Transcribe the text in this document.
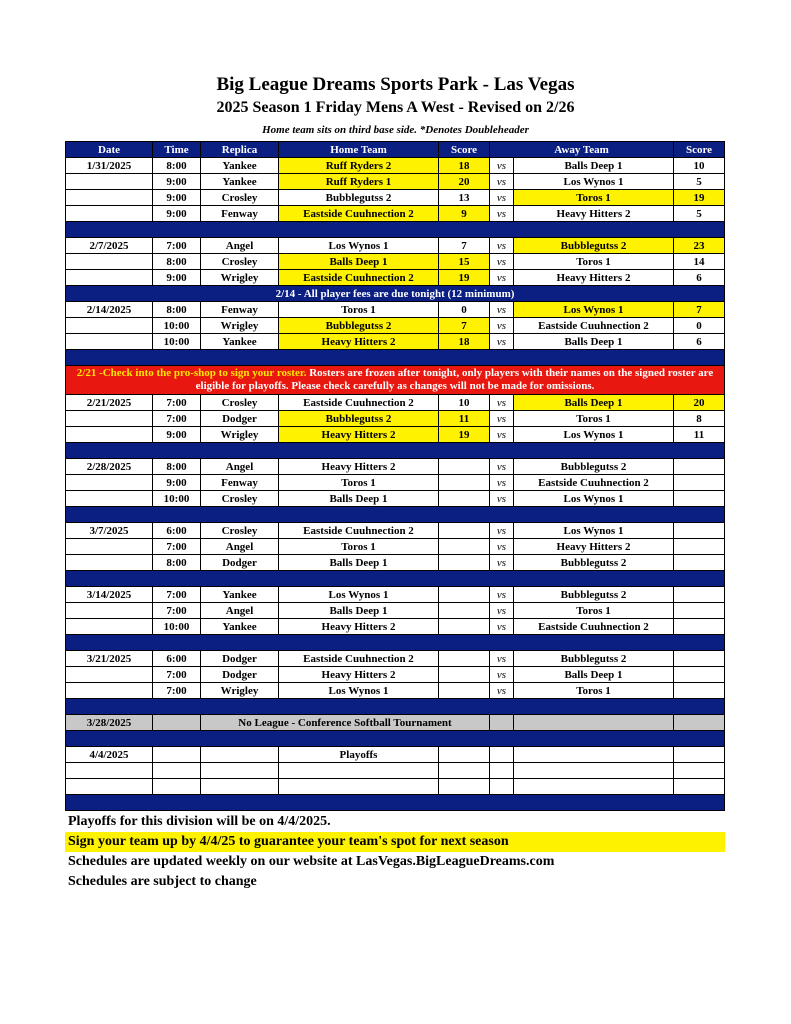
Big League Dreams Sports Park - Las Vegas
2025 Season 1 Friday Mens A West - Revised on 2/26
Home team sits on third base side. *Denotes Doubleheader
Date	Time	Replica	Home Team	Score	Away Team		Score
1/31/2025	8:00	Yankee	Ruff Ryders 2	18	vs	Balls Deep 1	10
	9:00	Yankee	Ruff Ryders 1	20	vs	Los Wynos 1	5
	9:00	Crosley	Bubblegutss 2	13	vs	Toros 1	19
	9:00	Fenway	Eastside Cuuhnection 2	9	vs	Heavy Hitters 2	5

2/7/2025	7:00	Angel	Los Wynos 1	7	vs	Bubblegutss 2	23
	8:00	Crosley	Balls Deep 1	15	vs	Toros 1	14
	9:00	Wrigley	Eastside Cuuhnection 2	19	vs	Heavy Hitters 2	6
2/14 - All player fees are due tonight (12 minimum)							
2/14/2025	8:00	Fenway	Toros 1	0	vs	Los Wynos 1	7
	10:00	Wrigley	Bubblegutss 2	7	vs	Eastside Cuuhnection 2	0
	10:00	Yankee	Heavy Hitters 2	18	vs	Balls Deep 1	6

2/21 -Check into the pro-shop to sign your roster. Rosters are frozen after tonight, only players with their names on the signed roster are eligible for playoffs. Please check carefully as changes will not be made for omissions.							
2/21/2025	7:00	Crosley	Eastside Cuuhnection 2	10	vs	Balls Deep 1	20
	7:00	Dodger	Bubblegutss 2	11	vs	Toros 1	8
	9:00	Wrigley	Heavy Hitters 2	19	vs	Los Wynos 1	11

2/28/2025	8:00	Angel	Heavy Hitters 2		vs	Bubblegutss 2	
	9:00	Fenway	Toros 1		vs	Eastside Cuuhnection 2	
	10:00	Crosley	Balls Deep 1		vs	Los Wynos 1	

3/7/2025	6:00	Crosley	Eastside Cuuhnection 2		vs	Los Wynos 1	
	7:00	Angel	Toros 1		vs	Heavy Hitters 2	
	8:00	Dodger	Balls Deep 1		vs	Bubblegutss 2	

3/14/2025	7:00	Yankee	Los Wynos 1		vs	Bubblegutss 2	
	7:00	Angel	Balls Deep 1		vs	Toros 1	
	10:00	Yankee	Heavy Hitters 2		vs	Eastside Cuuhnection 2	

3/21/2025	6:00	Dodger	Eastside Cuuhnection 2		vs	Bubblegutss 2	
	7:00	Dodger	Heavy Hitters 2		vs	Balls Deep 1	
	7:00	Wrigley	Los Wynos 1		vs	Toros 1	

3/28/2025		No League - Conference Softball Tournament					

4/4/2025			Playoffs				

Playoffs for this division will be on 4/4/2025.
Sign your team up by 4/4/25 to guarantee your team's spot for next season
Schedules are updated weekly on our website at LasVegas.BigLeagueDreams.com
Schedules are subject to change
